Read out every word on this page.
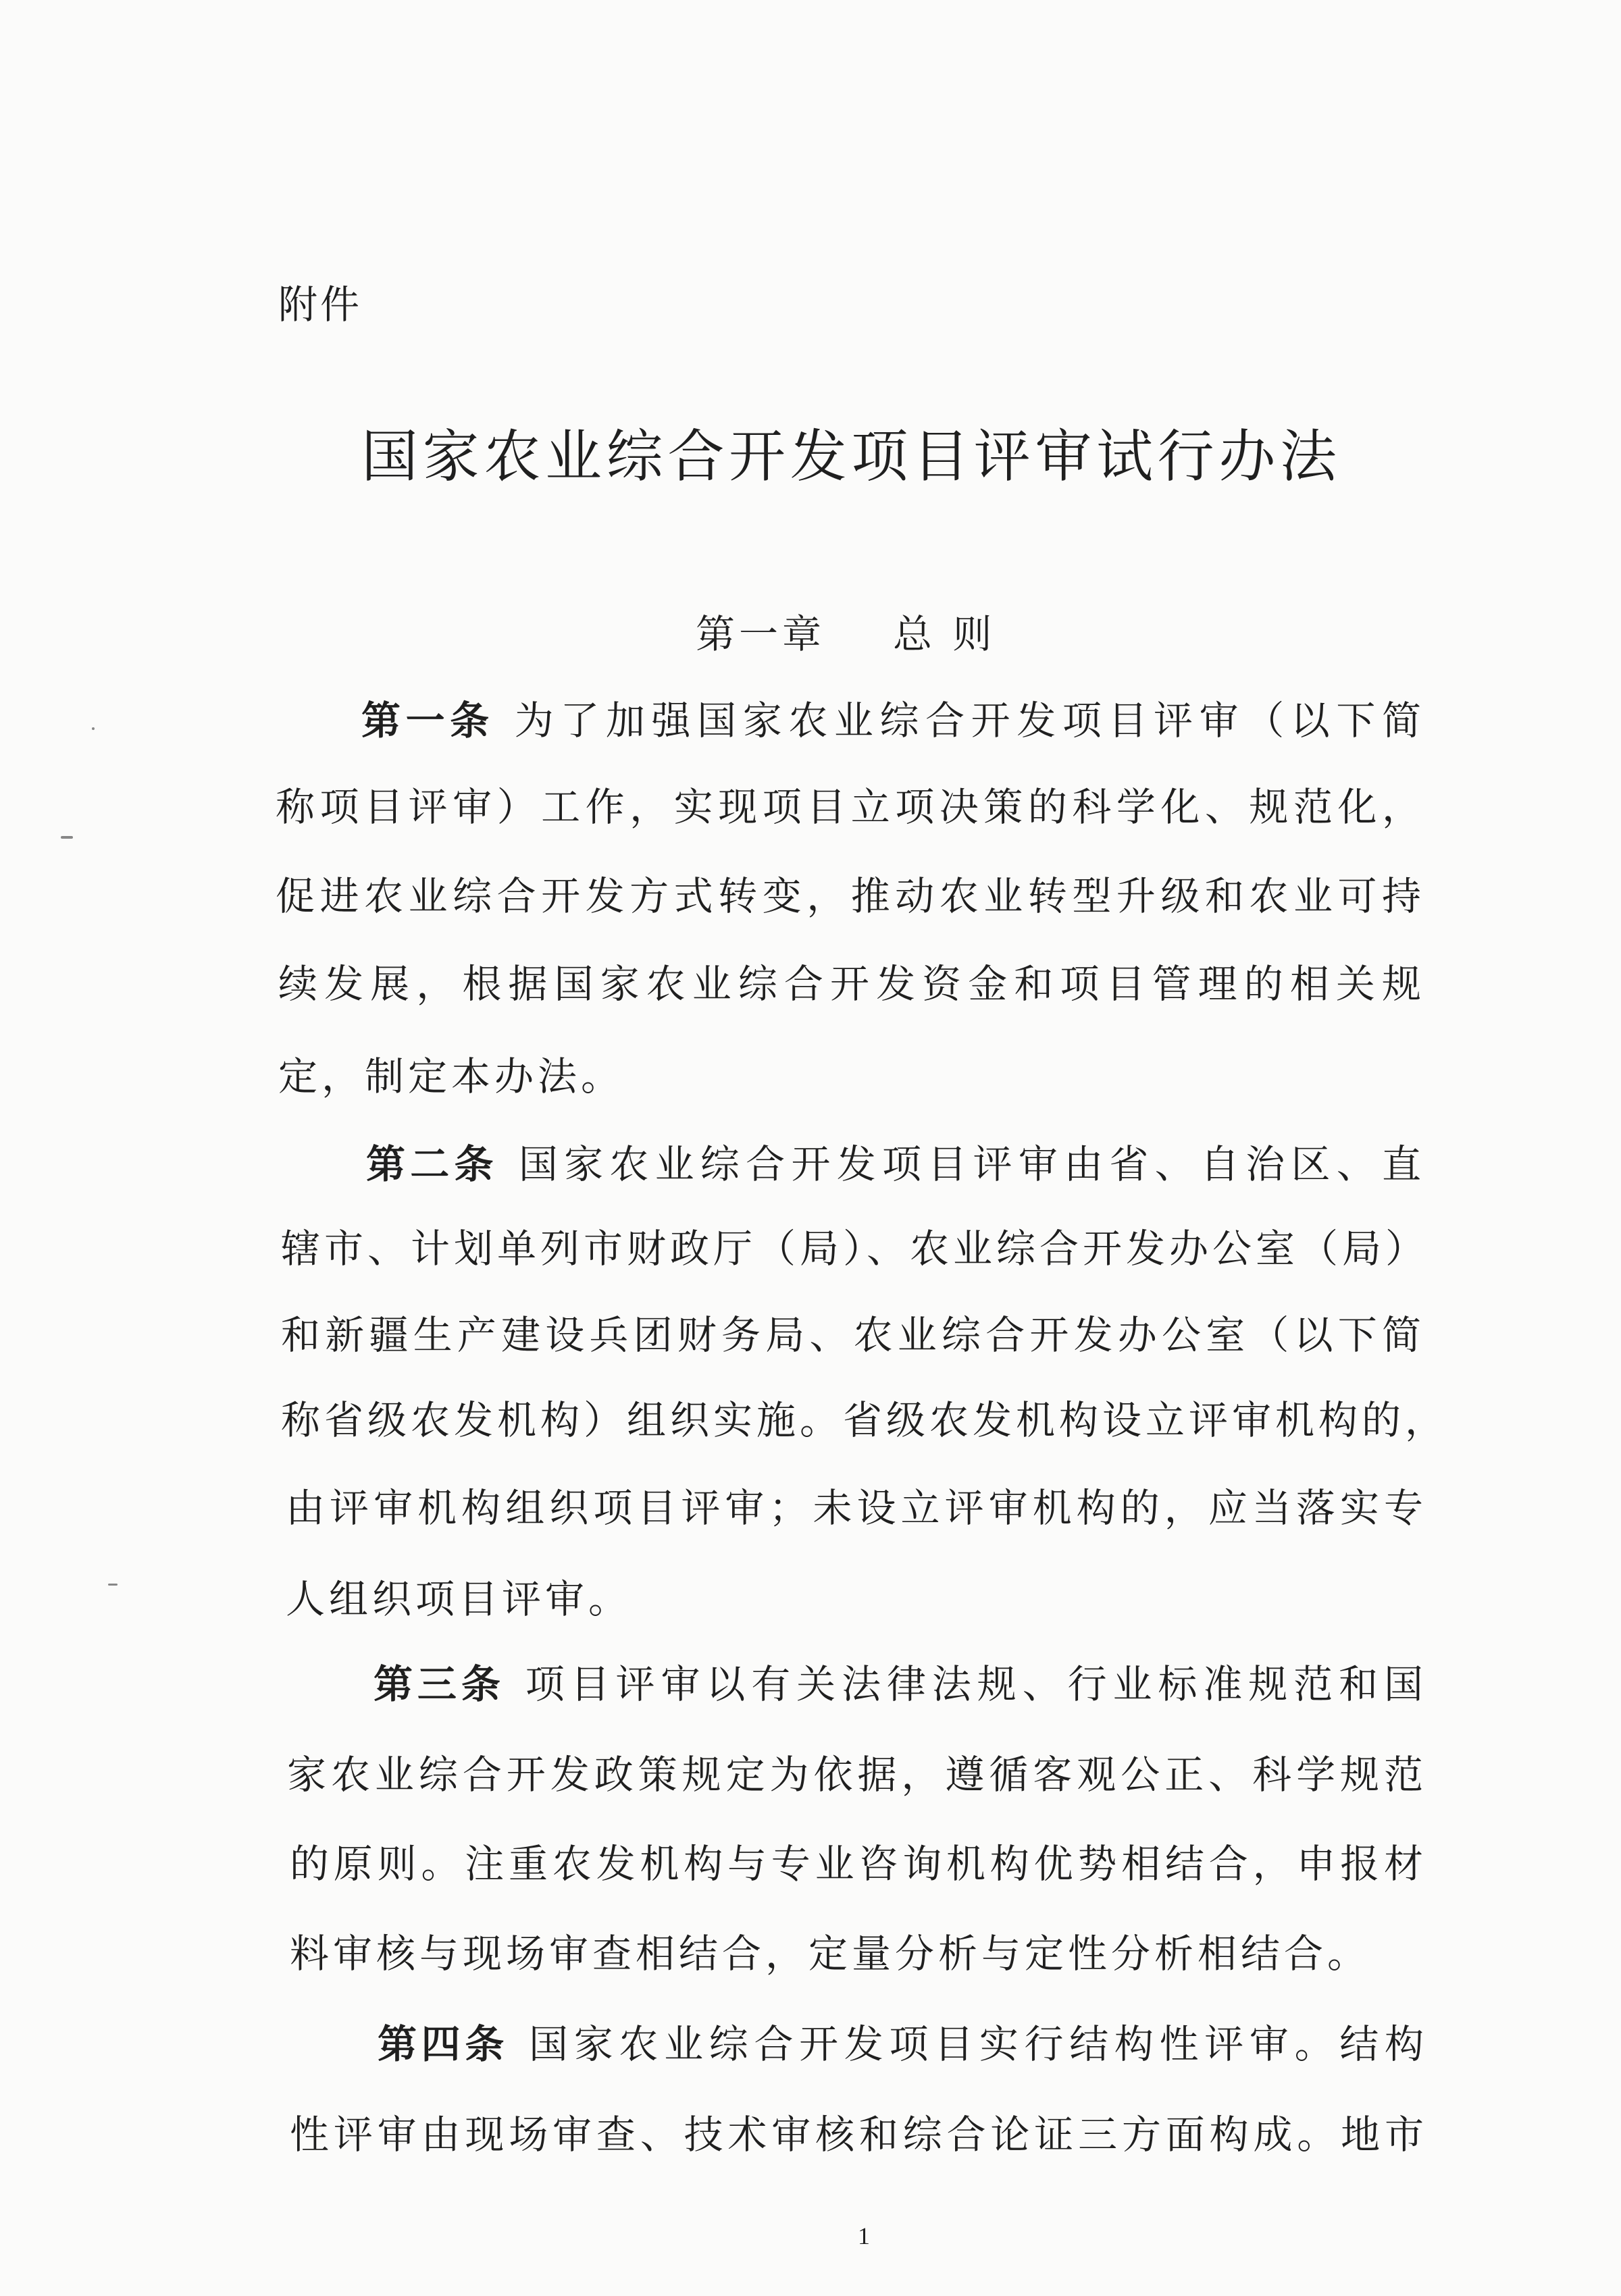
附件
国家农业综合开发项目评审试行办法
第一章 总 则
第一条 为了加强国家农业综合开发项目评审（以下简
称项目评审）工作，实现项目立项决策的科学化、规范化，
促进农业综合开发方式转变，推动农业转型升级和农业可持
续发展，根据国家农业综合开发资金和项目管理的相关规
定，制定本办法。
第二条 国家农业综合开发项目评审由省、自治区、直
辖市、计划单列市财政厅（局）、农业综合开发办公室（局）
和新疆生产建设兵团财务局、农业综合开发办公室（以下简
称省级农发机构）组织实施。省级农发机构设立评审机构的，
由评审机构组织项目评审；未设立评审机构的，应当落实专
人组织项目评审。
第三条 项目评审以有关法律法规、行业标准规范和国
家农业综合开发政策规定为依据，遵循客观公正、科学规范
的原则。注重农发机构与专业咨询机构优势相结合，申报材
料审核与现场审查相结合，定量分析与定性分析相结合。
第四条 国家农业综合开发项目实行结构性评审。结构
性评审由现场审查、技术审核和综合论证三方面构成。地市
1
